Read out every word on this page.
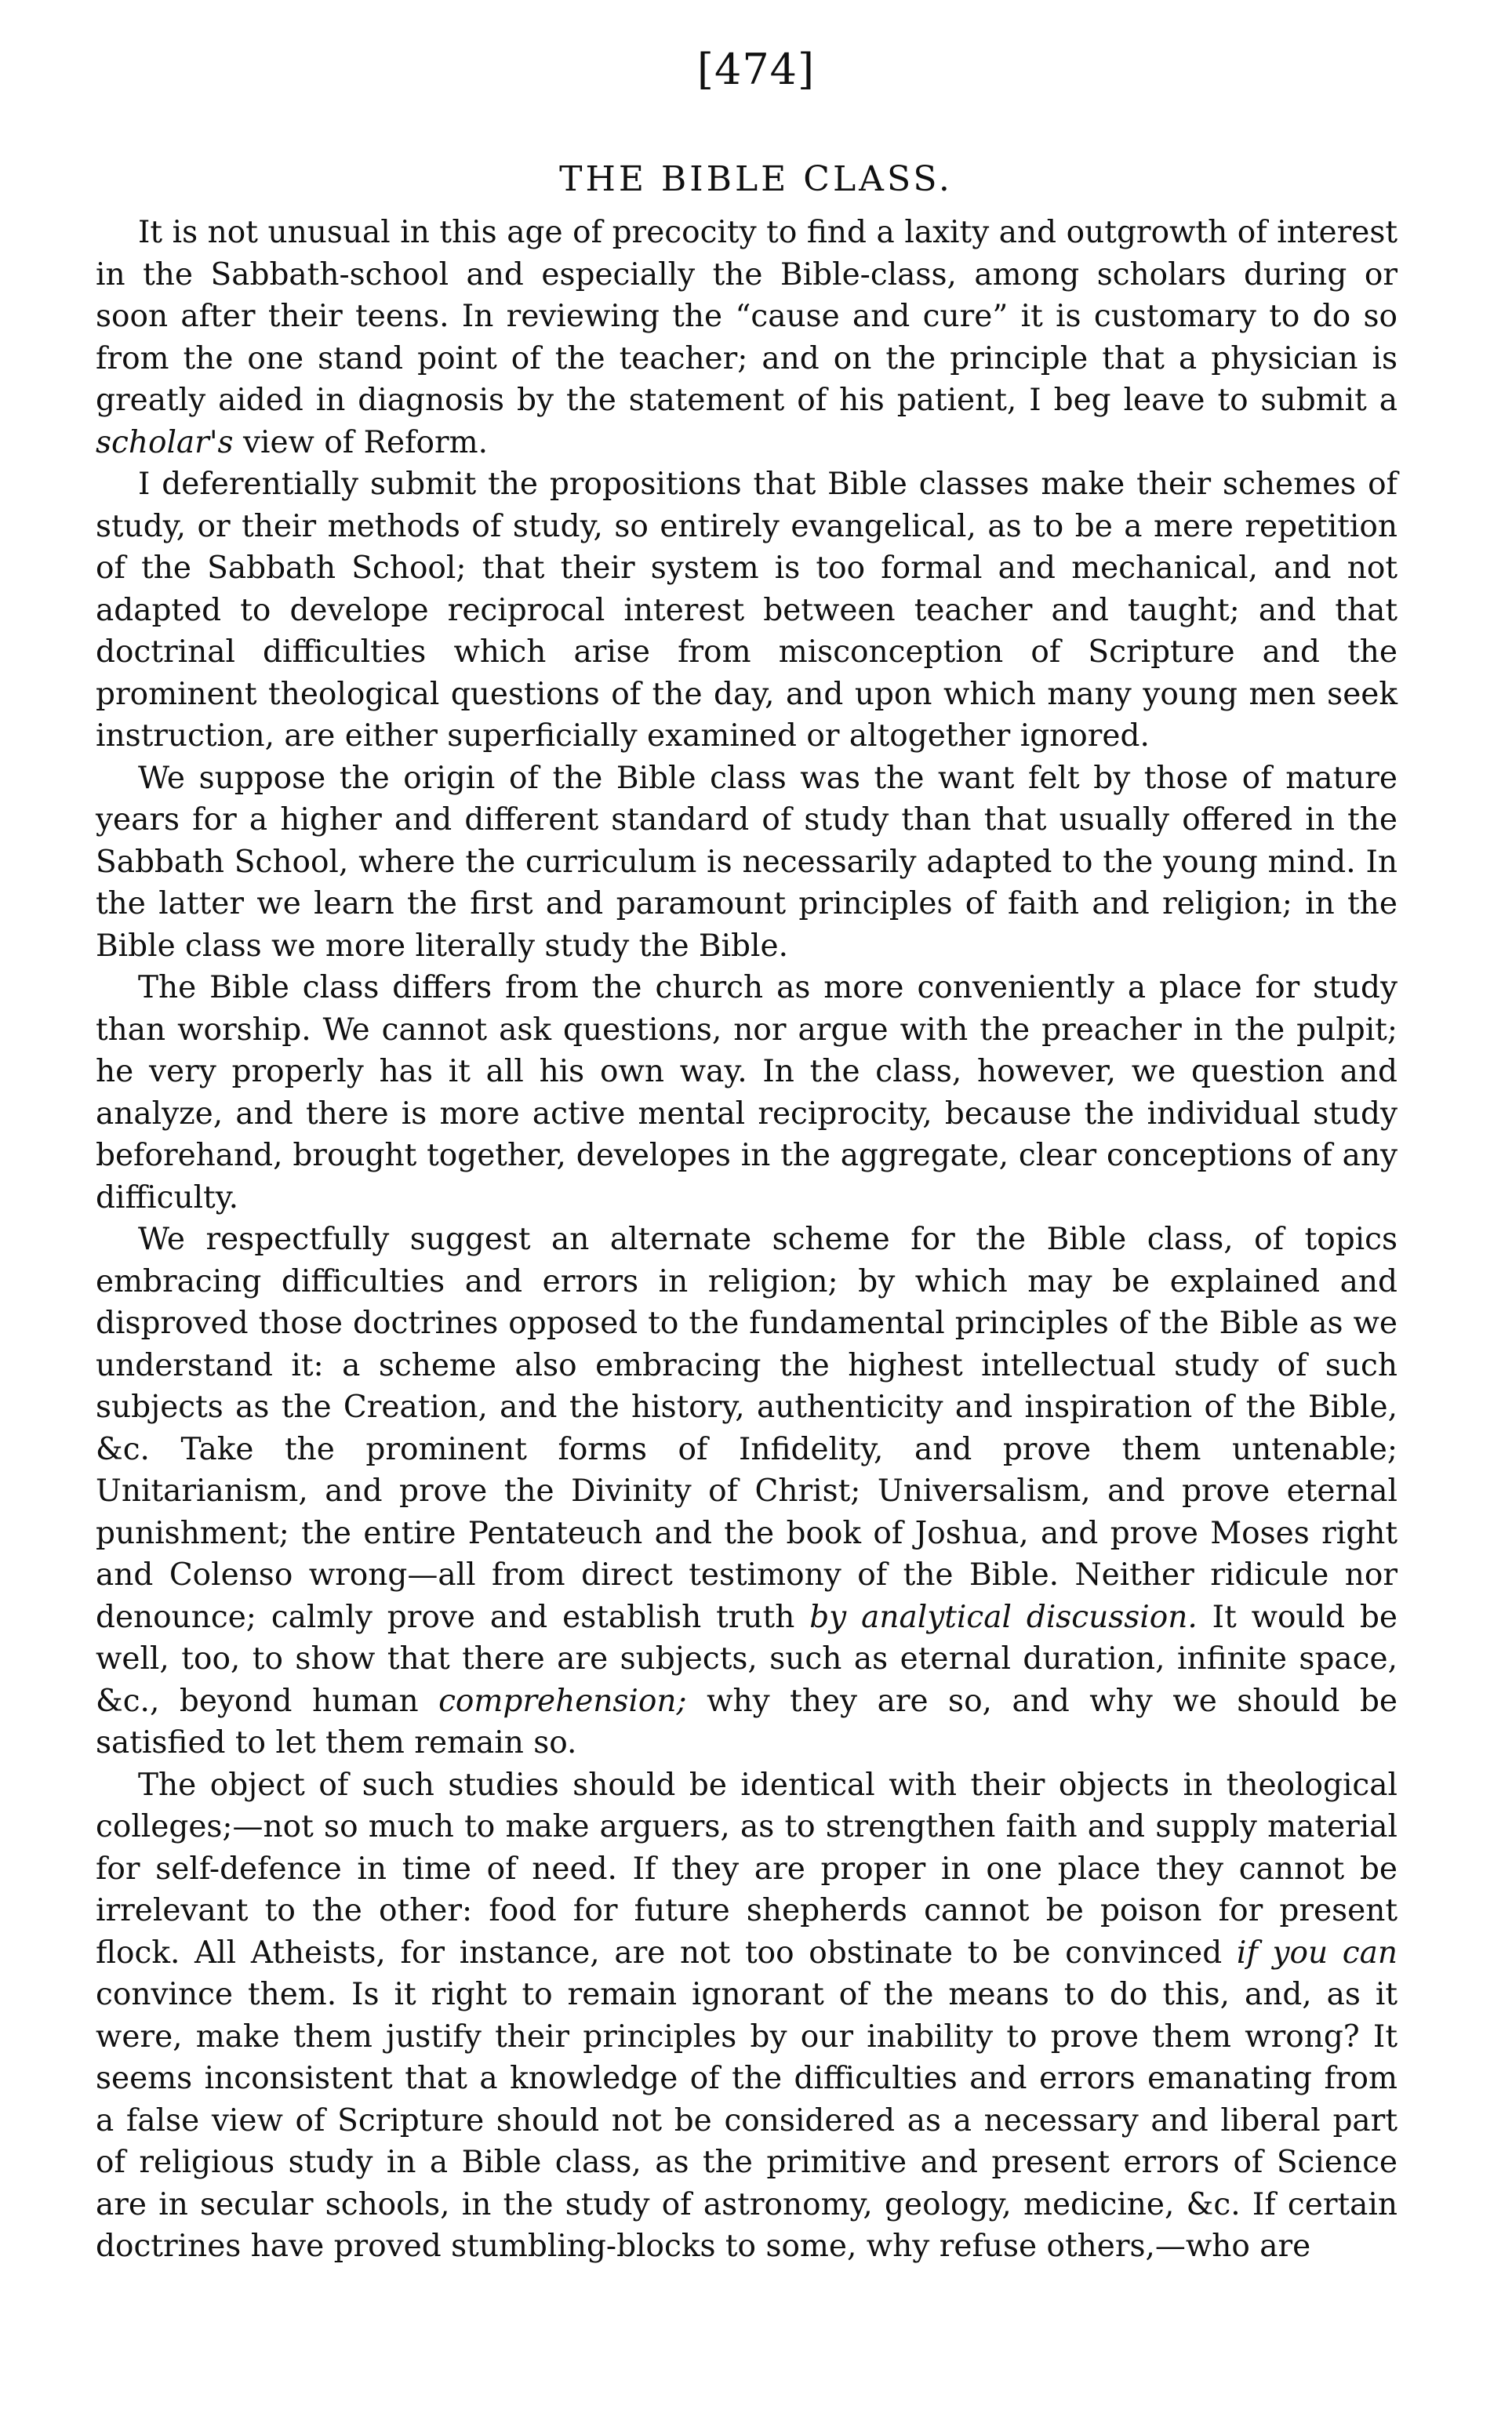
[474]
THE BIBLE CLASS.

It is not unusual in this age of precocity to find a laxity and outgrowth of interest in the Sabbath-school and especially the Bible-class, among scholars during or soon after their teens. In reviewing the “cause and cure” it is customary to do so from the one stand point of the teacher; and on the principle that a physician is greatly aided in diagnosis by the statement of his patient, I beg leave to submit a scholar's view of Reform.

I deferentially submit the propositions that Bible classes make their schemes of study, or their methods of study, so entirely evangelical, as to be a mere repetition of the Sabbath School; that their system is too formal and mechanical, and not adapted to develope reciprocal interest between teacher and taught; and that doctrinal difficulties which arise from misconception of Scripture and the prominent theological questions of the day, and upon which many young men seek instruction, are either superficially examined or altogether ignored.

We suppose the origin of the Bible class was the want felt by those of mature years for a higher and different standard of study than that usually offered in the Sabbath School, where the curriculum is necessarily adapted to the young mind. In the latter we learn the first and paramount principles of faith and religion; in the Bible class we more literally study the Bible.

The Bible class differs from the church as more conveniently a place for study than worship. We cannot ask questions, nor argue with the preacher in the pulpit; he very properly has it all his own way. In the class, however, we question and analyze, and there is more active mental reciprocity, because the individual study beforehand, brought together, developes in the aggregate, clear conceptions of any difficulty.

We respectfully suggest an alternate scheme for the Bible class, of topics embracing difficulties and errors in religion; by which may be explained and disproved those doctrines opposed to the fundamental principles of the Bible as we understand it: a scheme also embracing the highest intellectual study of such subjects as the Creation, and the history, authenticity and inspiration of the Bible, &c. Take the prominent forms of Infidelity, and prove them untenable; Unitarianism, and prove the Divinity of Christ; Universalism, and prove eternal punishment; the entire Pentateuch and the book of Joshua, and prove Moses right and Colenso wrong—all from direct testimony of the Bible. Neither ridicule nor denounce; calmly prove and establish truth by analytical discussion. It would be well, too, to show that there are subjects, such as eternal duration, infinite space, &c., beyond human comprehension; why they are so, and why we should be satisfied to let them remain so.

The object of such studies should be identical with their objects in theological colleges;—not so much to make arguers, as to strengthen faith and supply material for self-defence in time of need. If they are proper in one place they cannot be irrelevant to the other: food for future shepherds cannot be poison for present flock. All Atheists, for instance, are not too obstinate to be convinced if you can convince them. Is it right to remain ignorant of the means to do this, and, as it were, make them justify their principles by our inability to prove them wrong? It seems inconsistent that a knowledge of the difficulties and errors emanating from a false view of Scripture should not be considered as a necessary and liberal part of religious study in a Bible class, as the primitive and present errors of Science are in secular schools, in the study of astronomy, geology, medicine, &c. If certain doctrines have proved stumbling-blocks to some, why refuse others,—who are
